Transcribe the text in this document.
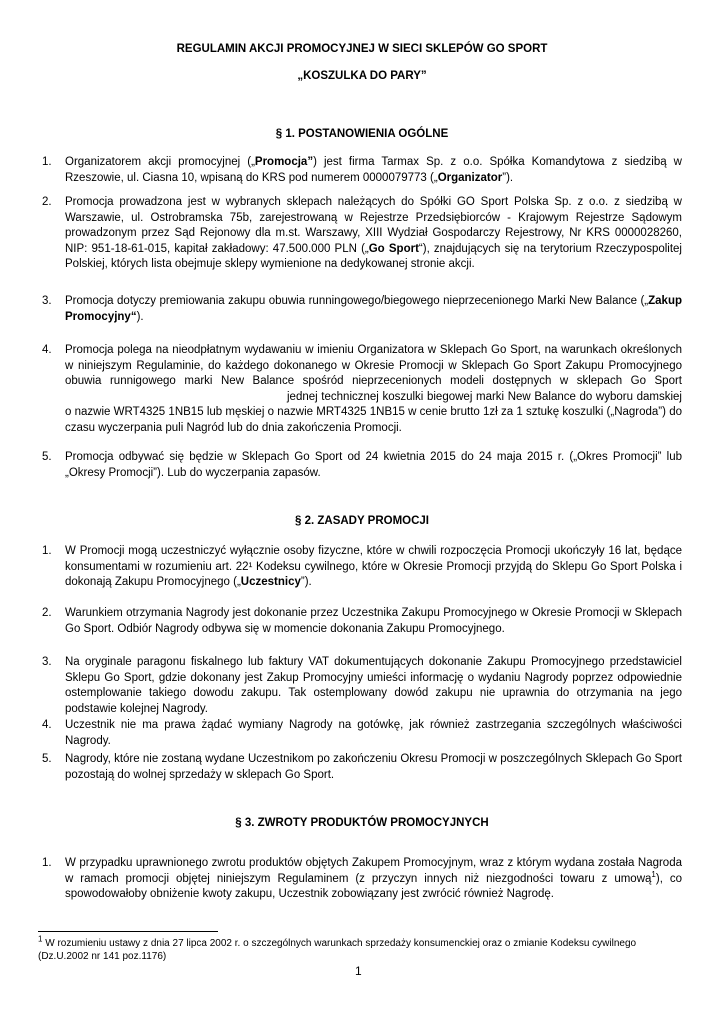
REGULAMIN AKCJI PROMOCYJNEJ W SIECI SKLEPÓW GO SPORT
„KOSZULKA DO PARY”
§ 1. POSTANOWIENIA OGÓLNE
1. Organizatorem akcji promocyjnej („Promocja”) jest firma Tarmax Sp. z o.o. Spółka Komandytowa z siedzibą w Rzeszowie, ul. Ciasna 10, wpisaną do KRS pod numerem 0000079773 („Organizator”).
2. Promocja prowadzona jest w wybranych sklepach należących do Spółki GO Sport Polska Sp. z o.o. z siedzibą w Warszawie, ul. Ostrobramska 75b, zarejestrowaną w Rejestrze Przedsiębiorców - Krajowym Rejestrze Sądowym prowadzonym przez Sąd Rejonowy dla m.st. Warszawy, XIII Wydział Gospodarczy Rejestrowy, Nr KRS 0000028260, NIP: 951-18-61-015, kapitał zakładowy: 47.500.000 PLN („Go Sport“), znajdujących się na terytorium Rzeczypospolitej Polskiej, których lista obejmuje sklepy wymienione na dedykowanej stronie akcji.
3. Promocja dotyczy premiowania zakupu obuwia runningowego/biegowego nieprzecenionego Marki New Balance („Zakup Promocyjny“).
4. Promocja polega na nieodpłatnym wydawaniu w imieniu Organizatora w Sklepach Go Sport, na warunkach określonych w niniejszym Regulaminie, do każdego dokonanego w Okresie Promocji w Sklepach Go Sport Zakupu Promocyjnego obuwia runnigowego marki New Balance spośród nieprzecenionych modeli dostępnych w sklepach Go Sportjednej technicznej koszulki biegowej marki New Balance do wyboru damskiej o nazwie WRT4325 1NB15 lub męskiej o nazwie MRT4325 1NB15 w cenie brutto 1zł za 1 sztukę koszulki („Nagroda”) do czasu wyczerpania puli Nagród lub do dnia zakończenia Promocji.
5. Promocja odbywać się będzie w Sklepach Go Sport od 24 kwietnia 2015 do 24 maja 2015 r. („Okres Promocji” lub „Okresy Promocji”). Lub do wyczerpania zapasów.
§ 2. ZASADY PROMOCJI
1. W Promocji mogą uczestniczyć wyłącznie osoby fizyczne, które w chwili rozpoczęcia Promocji ukończyły 16 lat, będące konsumentami w rozumieniu art. 22¹ Kodeksu cywilnego, które w Okresie Promocji przyjdą do Sklepu Go Sport Polska i dokonają Zakupu Promocyjnego („Uczestnicy”).
2. Warunkiem otrzymania Nagrody jest dokonanie przez Uczestnika Zakupu Promocyjnego w Okresie Promocji w Sklepach Go Sport. Odbiór Nagrody odbywa się w momencie dokonania Zakupu Promocyjnego.
3. Na oryginale paragonu fiskalnego lub faktury VAT dokumentujących dokonanie Zakupu Promocyjnego przedstawiciel Sklepu Go Sport, gdzie dokonany jest Zakup Promocyjny umieści informację o wydaniu Nagrody poprzez odpowiednie ostemplowanie takiego dowodu zakupu. Tak ostemplowany dowód zakupu nie uprawnia do otrzymania na jego podstawie kolejnej Nagrody.
4. Uczestnik nie ma prawa żądać wymiany Nagrody na gotówkę, jak również zastrzegania szczególnych właściwości Nagrody.
5. Nagrody, które nie zostaną wydane Uczestnikom po zakończeniu Okresu Promocji w poszczególnych Sklepach Go Sport pozostają do wolnej sprzedaży w sklepach Go Sport.
§ 3. ZWROTY PRODUKTÓW PROMOCYJNYCH
1. W przypadku uprawnionego zwrotu produktów objętych Zakupem Promocyjnym, wraz z którym wydana została Nagroda w ramach promocji objętej niniejszym Regulaminem (z przyczyn innych niż niezgodności towaru z umową$^1$), co spowodowałoby obniżenie kwoty zakupu, Uczestnik zobowiązany jest zwrócić również Nagrodę.
$^1$ W rozumieniu ustawy z dnia 27 lipca 2002 r. o szczególnych warunkach sprzedaży konsumenckiej oraz o zmianie Kodeksu cywilnego (Dz.U.2002 nr 141 poz.1176)
1
